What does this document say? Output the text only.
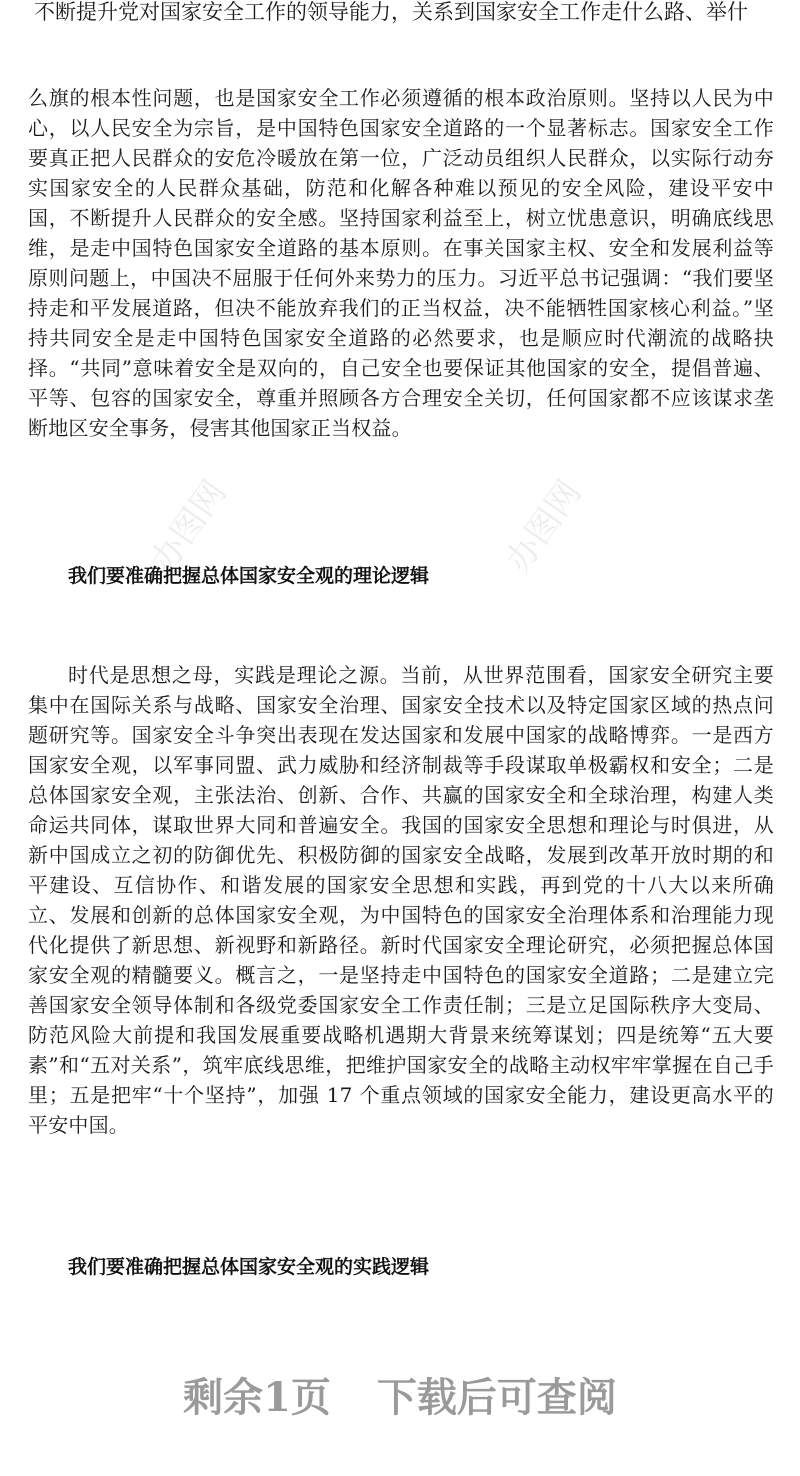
不断提升党对国家安全工作的领导能力，关系到国家安全工作走什么路、举什
么旗的根本性问题，也是国家安全工作必须遵循的根本政治原则。坚持以人民为中心，以人民安全为宗旨，是中国特色国家安全道路的一个显著标志。国家安全工作要真正把人民群众的安危冷暖放在第一位，广泛动员组织人民群众，以实际行动夯实国家安全的人民群众基础，防范和化解各种难以预见的安全风险，建设平安中国，不断提升人民群众的安全感。坚持国家利益至上，树立忧患意识，明确底线思维，是走中国特色国家安全道路的基本原则。在事关国家主权、安全和发展利益等原则问题上，中国决不屈服于任何外来势力的压力。习近平总书记强调：“我们要坚持走和平发展道路，但决不能放弃我们的正当权益，决不能牺牲国家核心利益。”坚持共同安全是走中国特色国家安全道路的必然要求，也是顺应时代潮流的战略抉择。“共同”意味着安全是双向的，自己安全也要保证其他国家的安全，提倡普遍、平等、包容的国家安全，尊重并照顾各方合理安全关切，任何国家都不应该谋求垄断地区安全事务，侵害其他国家正当权益。
办图网	办图网
我们要准确把握总体国家安全观的理论逻辑
时代是思想之母，实践是理论之源。当前，从世界范围看，国家安全研究主要集中在国际关系与战略、国家安全治理、国家安全技术以及特定国家区域的热点问题研究等。国家安全斗争突出表现在发达国家和发展中国家的战略博弈。一是西方国家安全观，以军事同盟、武力威胁和经济制裁等手段谋取单极霸权和安全；二是总体国家安全观，主张法治、创新、合作、共赢的国家安全和全球治理，构建人类命运共同体，谋取世界大同和普遍安全。我国的国家安全思想和理论与时俱进，从新中国成立之初的防御优先、积极防御的国家安全战略，发展到改革开放时期的和平建设、互信协作、和谐发展的国家安全思想和实践，再到党的十八大以来所确立、发展和创新的总体国家安全观，为中国特色的国家安全治理体系和治理能力现代化提供了新思想、新视野和新路径。新时代国家安全理论研究，必须把握总体国家安全观的精髓要义。概言之，一是坚持走中国特色的国家安全道路；二是建立完善国家安全领导体制和各级党委国家安全工作责任制；三是立足国际秩序大变局、防范风险大前提和我国发展重要战略机遇期大背景来统筹谋划；四是统筹“五大要素”和“五对关系”，筑牢底线思维，把维护国家安全的战略主动权牢牢掌握在自己手里；五是把牢“十个坚持”，加强 17 个重点领域的国家安全能力，建设更高水平的平安中国。
我们要准确把握总体国家安全观的实践逻辑
剩余1页 下载后可查阅
